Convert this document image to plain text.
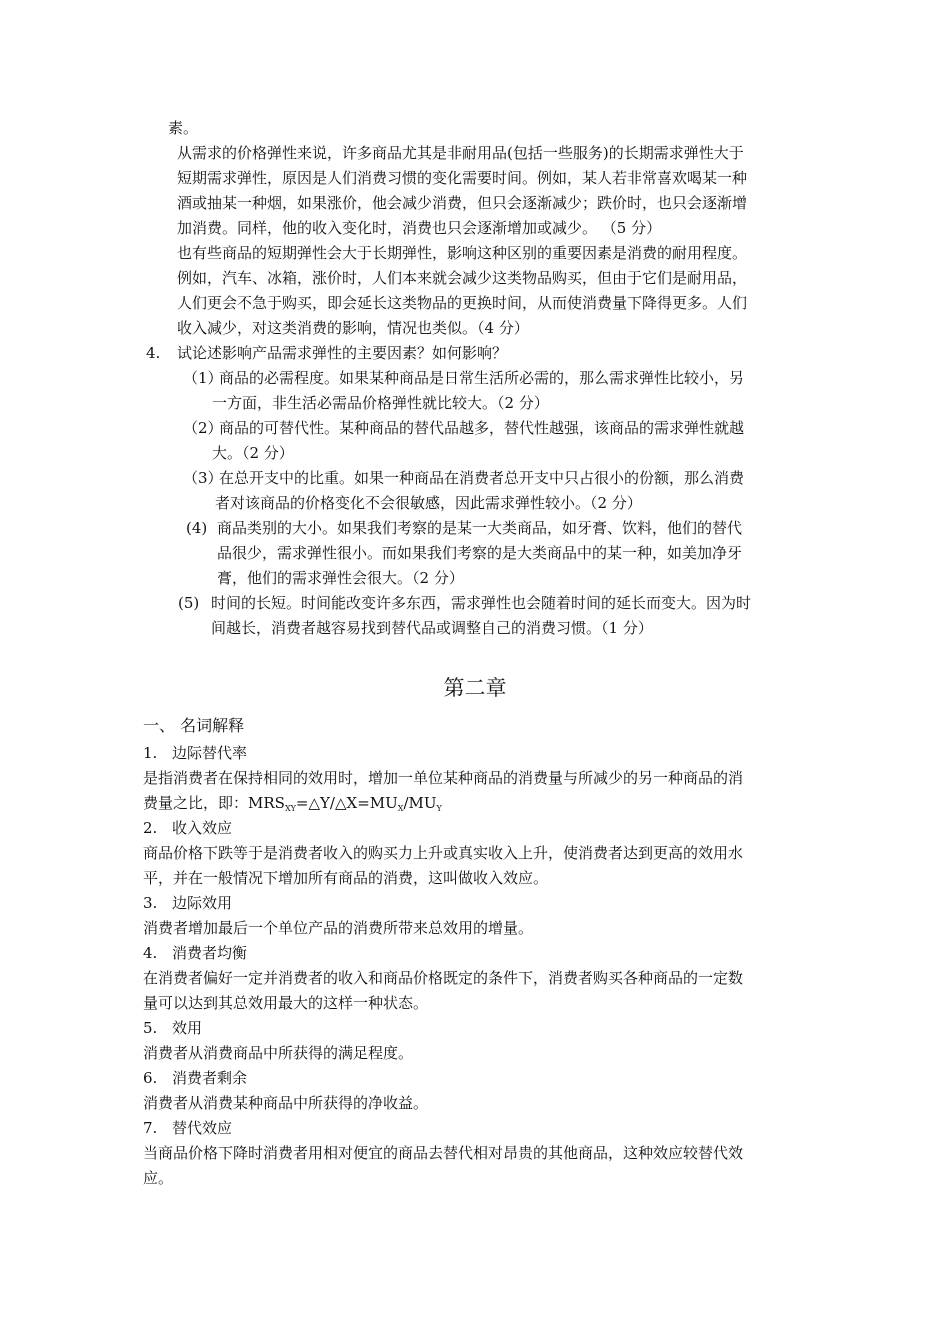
素。
从需求的价格弹性来说，许多商品尤其是非耐用品(包括一些服务)的长期需求弹性大于
短期需求弹性，原因是人们消费习惯的变化需要时间。例如，某人若非常喜欢喝某一种
酒或抽某一种烟，如果涨价，他会减少消费，但只会逐渐减少；跌价时，也只会逐渐增
加消费。同样，他的收入变化时，消费也只会逐渐增加或减少。 （5 分）
也有些商品的短期弹性会大于长期弹性，影响这种区别的重要因素是消费的耐用程度。
例如，汽车、冰箱，涨价时，人们本来就会减少这类物品购买，但由于它们是耐用品，
人们更会不急于购买，即会延长这类物品的更换时间，从而使消费量下降得更多。人们
收入减少，对这类消费的影响，情况也类似。（4 分）
4. 试论述影响产品需求弹性的主要因素？如何影响？
（1）
商品的必需程度。如果某种商品是日常生活所必需的，那么需求弹性比较小，另
一方面，非生活必需品价格弹性就比较大。（2 分）
（2）
商品的可替代性。某种商品的替代品越多，替代性越强，该商品的需求弹性就越
大。（2 分）
（3）
在总开支中的比重。如果一种商品在消费者总开支中只占很小的份额，那么消费
者对该商品的价格变化不会很敏感，因此需求弹性较小。（2 分）
(4) 商品类别的大小。如果我们考察的是某一大类商品，如牙膏、饮料，他们的替代
品很少，需求弹性很小。而如果我们考察的是大类商品中的某一种，如美加净牙
膏，他们的需求弹性会很大。（2 分）
(5) 时间的长短。时间能改变许多东西，需求弹性也会随着时间的延长而变大。因为时
间越长，消费者越容易找到替代品或调整自己的消费习惯。（1 分）
第二章
一、 名词解释
1. 边际替代率
是指消费者在保持相同的效用时，增加一单位某种商品的消费量与所减少的另一种商品的消
费量之比，即：$MRS_{XY}=\triangle Y/\triangle X=MU_X/MU_Y$
2. 收入效应
商品价格下跌等于是消费者收入的购买力上升或真实收入上升，使消费者达到更高的效用水
平，并在一般情况下增加所有商品的消费，这叫做收入效应。
3. 边际效用
消费者增加最后一个单位产品的消费所带来总效用的增量。
4. 消费者均衡
在消费者偏好一定并消费者的收入和商品价格既定的条件下，消费者购买各种商品的一定数
量可以达到其总效用最大的这样一种状态。
5. 效用
消费者从消费商品中所获得的满足程度。
6. 消费者剩余
消费者从消费某种商品中所获得的净收益。
7. 替代效应
当商品价格下降时消费者用相对便宜的商品去替代相对昂贵的其他商品，这种效应较替代效
应。
